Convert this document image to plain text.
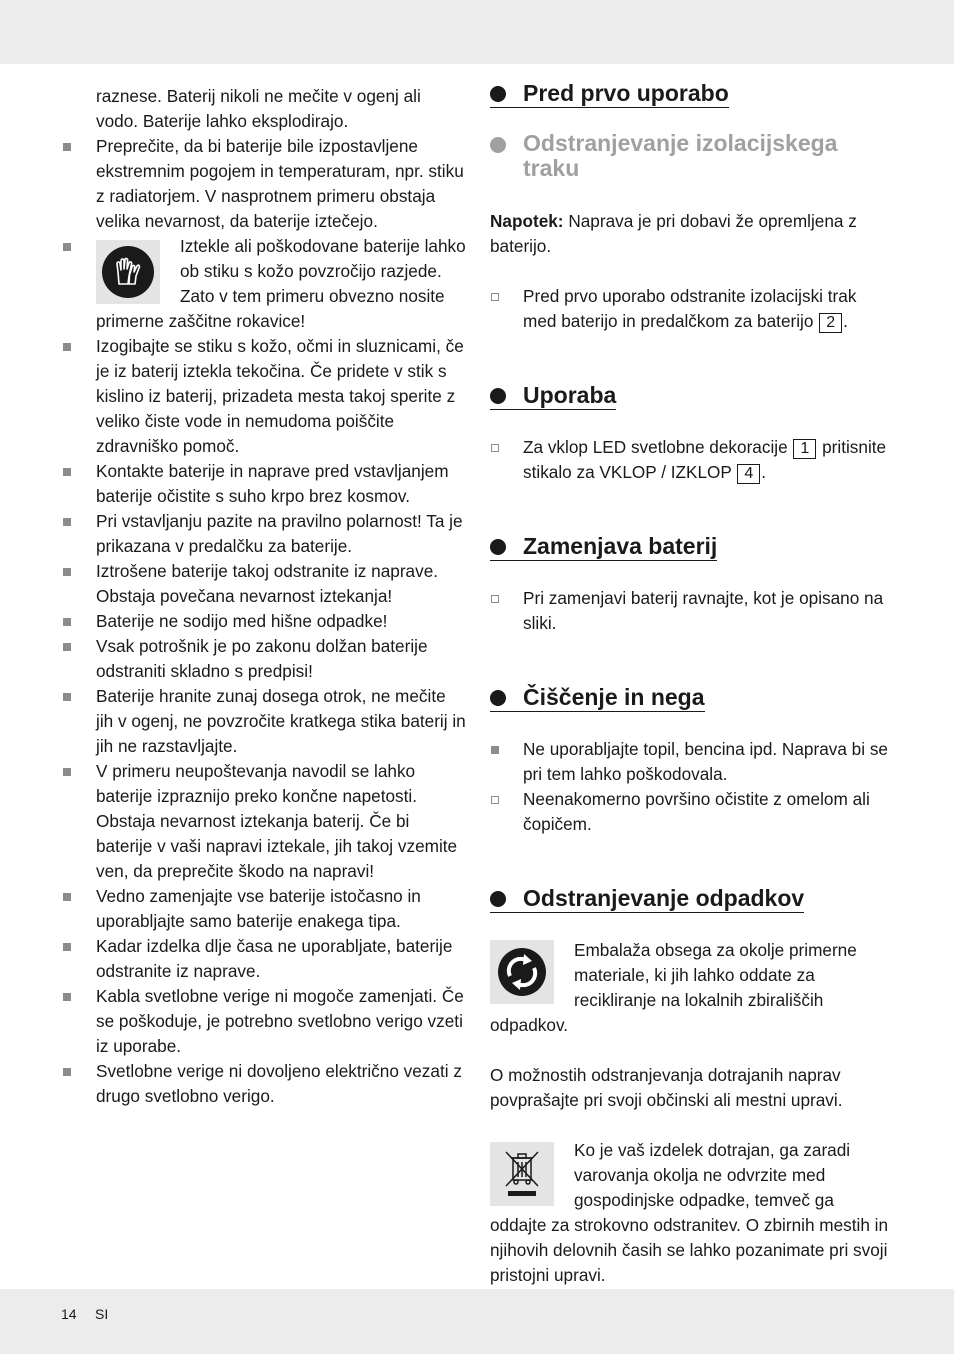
raznese. Baterij nikoli ne mečite v ogenj ali vodo. Baterije lahko eksplodirajo.
Preprečite, da bi baterije bile izpostavljene ekstremnim pogojem in temperaturam, npr. stiku z radiatorjem. V nasprotnem primeru obstaja velika nevarnost, da baterije iztečejo.
Iztekle ali poškodovane baterije lahko ob stiku s kožo povzročijo razjede. Zato v tem primeru obvezno nosite primerne zaščitne rokavice!
Izogibajte se stiku s kožo, očmi in sluznicami, če je iz baterij iztekla tekočina. Če pridete v stik s kislino iz baterij, prizadeta mesta takoj sperite z veliko čiste vode in nemudoma poiščite zdravniško pomoč.
Kontakte baterije in naprave pred vstavljanjem baterije očistite s suho krpo brez kosmov.
Pri vstavljanju pazite na pravilno polarnost! Ta je prikazana v predalčku za baterije.
Iztrošene baterije takoj odstranite iz naprave. Obstaja povečana nevarnost iztekanja!
Baterije ne sodijo med hišne odpadke!
Vsak potrošnik je po zakonu dolžan baterije odstraniti skladno s predpisi!
Baterije hranite zunaj dosega otrok, ne mečite jih v ogenj, ne povzročite kratkega stika baterij in jih ne razstavljajte.
V primeru neupoštevanja navodil se lahko baterije izpraznijo preko končne napetosti. Obstaja nevarnost iztekanja baterij. Če bi baterije v vaši napravi iztekale, jih takoj vzemite ven, da preprečite škodo na napravi!
Vedno zamenjajte vse baterije istočasno in uporabljajte samo baterije enakega tipa.
Kadar izdelka dlje časa ne uporabljate, baterije odstranite iz naprave.
Kabla svetlobne verige ni mogoče zamenjati. Če se poškoduje, je potrebno svetlobno verigo vzeti iz uporabe.
Svetlobne verige ni dovoljeno električno vezati z drugo svetlobno verigo.
Pred prvo uporabo
Odstranjevanje izolacijskega traku
Napotek: Naprava je pri dobavi že opremljena z baterijo.
Pred prvo uporabo odstranite izolacijski trak med baterijo in predalčkom za baterijo 2 .
Uporaba
Za vklop LED svetlobne dekoracije 1 pritisnite stikalo za VKLOP / IZKLOP 4 .
Zamenjava baterij
Pri zamenjavi baterij ravnajte, kot je opisano na sliki.
Čiščenje in nega
Ne uporabljajte topil, bencina ipd. Naprava bi se pri tem lahko poškodovala.
Neenakomerno površino očistite z omelom ali čopičem.
Odstranjevanje odpadkov
Embalaža obsega za okolje primerne materiale, ki jih lahko oddate za recikliranje na lokalnih zbirališčih odpadkov.
O možnostih odstranjevanja dotrajanih naprav povprašajte pri svoji občinski ali mestni upravi.
Ko je vaš izdelek dotrajan, ga zaradi varovanja okolja ne odvrzite med gospodinjske odpadke, temveč ga oddajte za strokovno odstranitev. O zbirnih mestih in njihovih delovnih časih se lahko pozanimate pri svoji pristojni upravi.
14 SI
